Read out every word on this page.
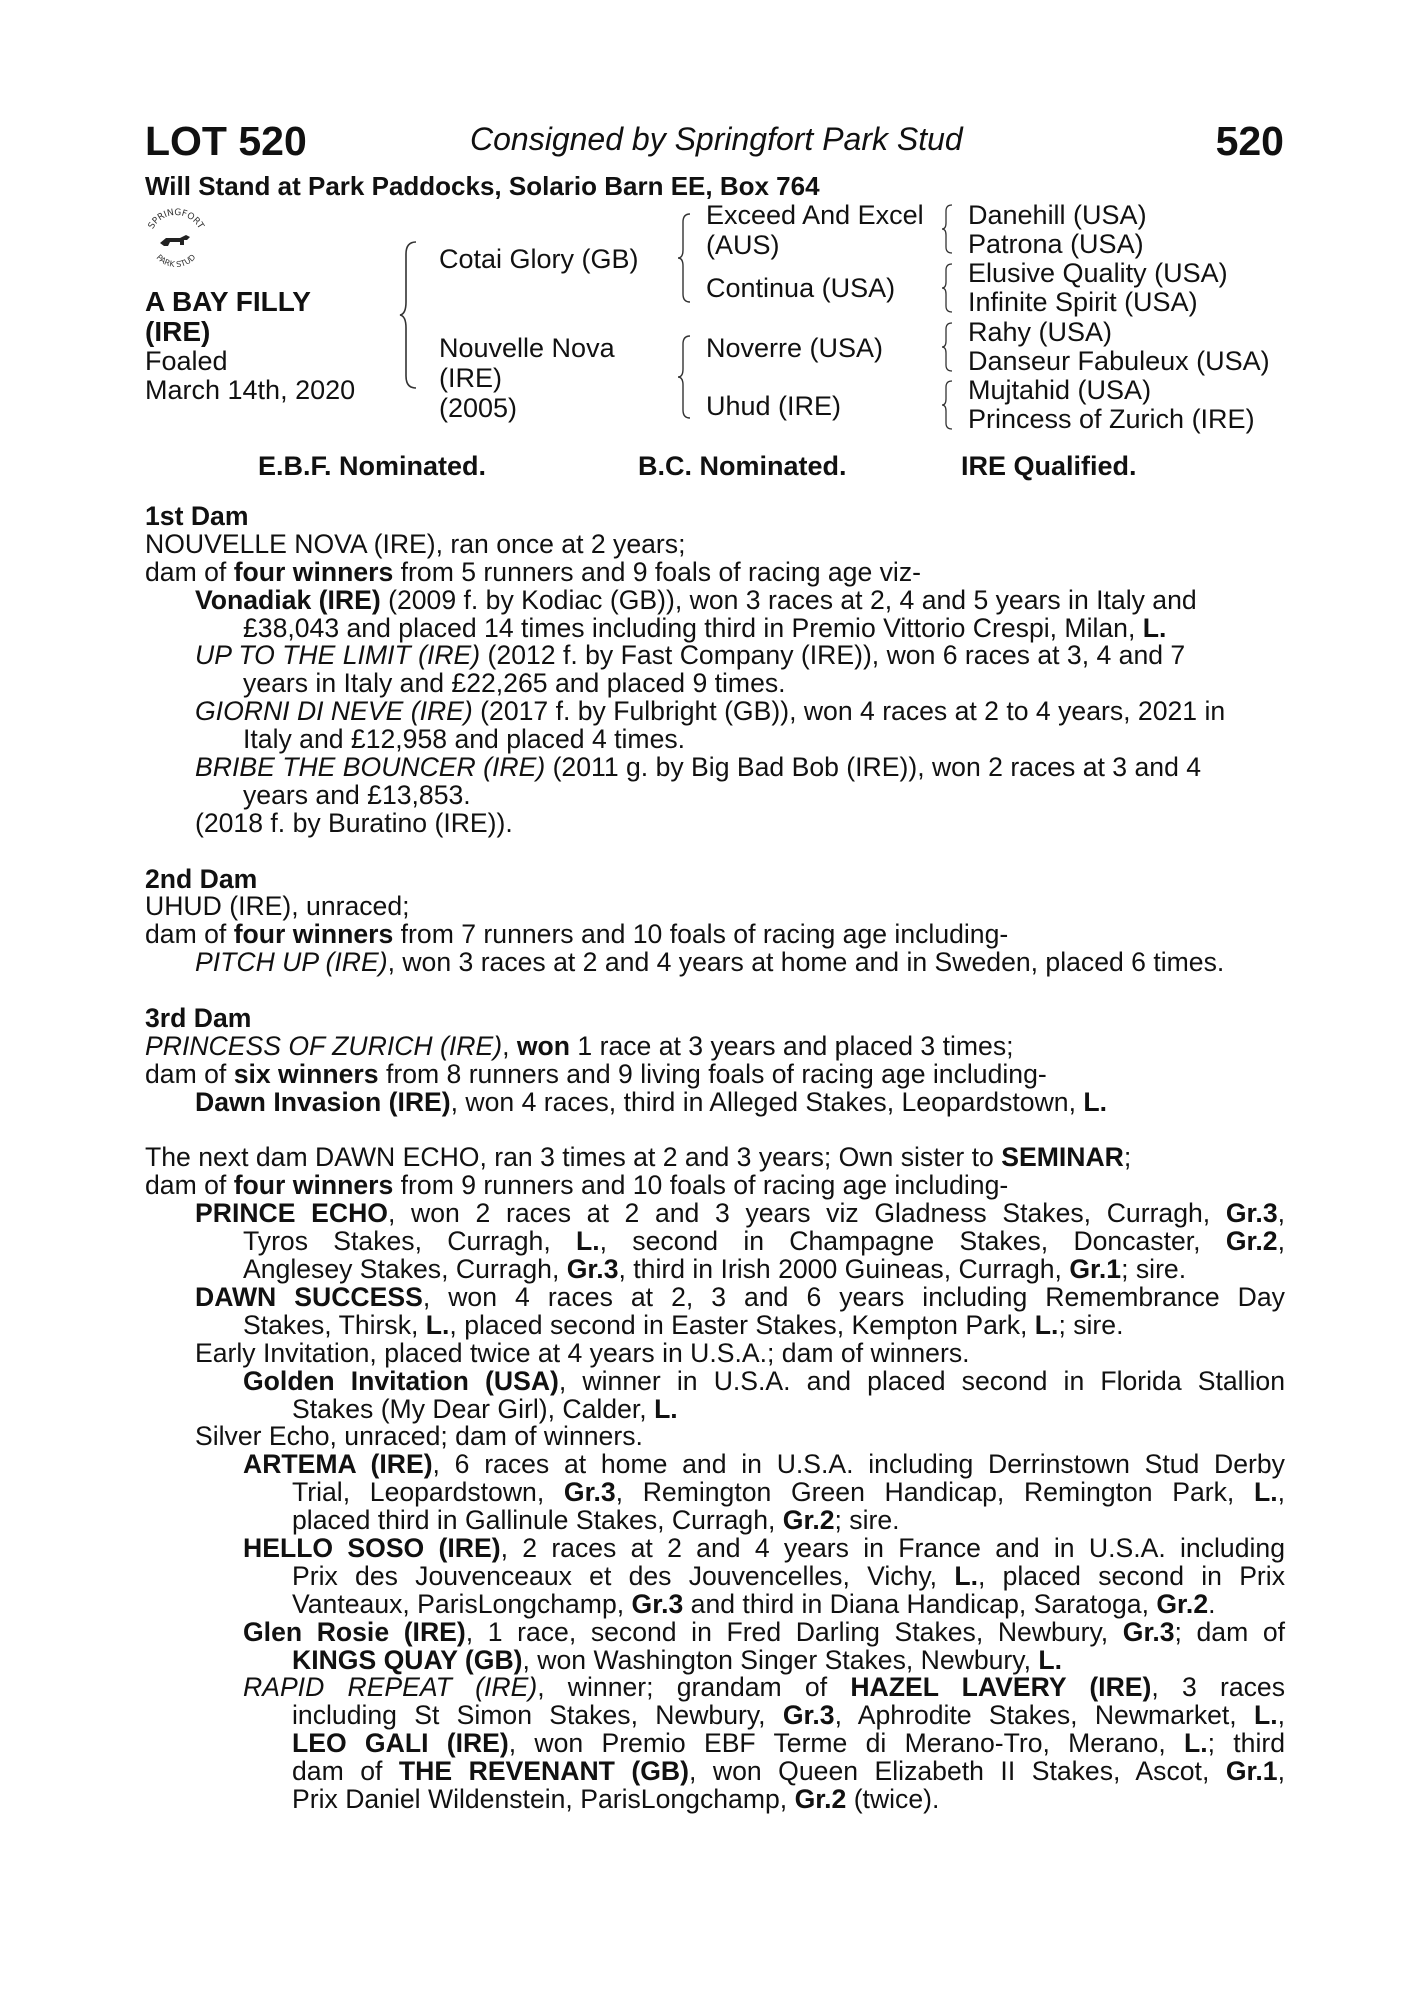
LOT 520	Consigned by Springfort Park Stud	520
Will Stand at Park Paddocks, Solario Barn EE, Box 764
SPRINGFORT
PARK STUD
A BAY FILLY (IRE)
Foaled
March 14th, 2020
Cotai Glory (GB)
Nouvelle Nova
(IRE)
(2005)
Exceed And Excel
(AUS)
Continua (USA)
Noverre (USA)
Uhud (IRE)
Danehill (USA)
Patrona (USA)
Elusive Quality (USA)
Infinite Spirit (USA)
Rahy (USA)
Danseur Fabuleux (USA)
Mujtahid (USA)
Princess of Zurich (IRE)
E.B.F. Nominated.	B.C. Nominated.	IRE Qualified.
1st Dam
NOUVELLE NOVA (IRE), ran once at 2 years;
dam of four winners from 5 runners and 9 foals of racing age viz-
Vonadiak (IRE) (2009 f. by Kodiac (GB)), won 3 races at 2, 4 and 5 years in Italy and
£38,043 and placed 14 times including third in Premio Vittorio Crespi, Milan, L.
UP TO THE LIMIT (IRE) (2012 f. by Fast Company (IRE)), won 6 races at 3, 4 and 7
years in Italy and £22,265 and placed 9 times.
GIORNI DI NEVE (IRE) (2017 f. by Fulbright (GB)), won 4 races at 2 to 4 years, 2021 in
Italy and £12,958 and placed 4 times.
BRIBE THE BOUNCER (IRE) (2011 g. by Big Bad Bob (IRE)), won 2 races at 3 and 4
years and £13,853.
(2018 f. by Buratino (IRE)).
2nd Dam
UHUD (IRE), unraced;
dam of four winners from 7 runners and 10 foals of racing age including-
PITCH UP (IRE), won 3 races at 2 and 4 years at home and in Sweden, placed 6 times.
3rd Dam
PRINCESS OF ZURICH (IRE), won 1 race at 3 years and placed 3 times;
dam of six winners from 8 runners and 9 living foals of racing age including-
Dawn Invasion (IRE), won 4 races, third in Alleged Stakes, Leopardstown, L.
The next dam DAWN ECHO, ran 3 times at 2 and 3 years; Own sister to SEMINAR;
dam of four winners from 9 runners and 10 foals of racing age including-
PRINCE ECHO, won 2 races at 2 and 3 years viz Gladness Stakes, Curragh, Gr.3,
Tyros Stakes, Curragh, L., second in Champagne Stakes, Doncaster, Gr.2,
Anglesey Stakes, Curragh, Gr.3, third in Irish 2000 Guineas, Curragh, Gr.1; sire.
DAWN SUCCESS, won 4 races at 2, 3 and 6 years including Remembrance Day
Stakes, Thirsk, L., placed second in Easter Stakes, Kempton Park, L.; sire.
Early Invitation, placed twice at 4 years in U.S.A.; dam of winners.
Golden Invitation (USA), winner in U.S.A. and placed second in Florida Stallion
Stakes (My Dear Girl), Calder, L.
Silver Echo, unraced; dam of winners.
ARTEMA (IRE), 6 races at home and in U.S.A. including Derrinstown Stud Derby
Trial, Leopardstown, Gr.3, Remington Green Handicap, Remington Park, L.,
placed third in Gallinule Stakes, Curragh, Gr.2; sire.
HELLO SOSO (IRE), 2 races at 2 and 4 years in France and in U.S.A. including
Prix des Jouvenceaux et des Jouvencelles, Vichy, L., placed second in Prix
Vanteaux, ParisLongchamp, Gr.3 and third in Diana Handicap, Saratoga, Gr.2.
Glen Rosie (IRE), 1 race, second in Fred Darling Stakes, Newbury, Gr.3; dam of
KINGS QUAY (GB), won Washington Singer Stakes, Newbury, L.
RAPID REPEAT (IRE), winner; grandam of HAZEL LAVERY (IRE), 3 races
including St Simon Stakes, Newbury, Gr.3, Aphrodite Stakes, Newmarket, L.,
LEO GALI (IRE), won Premio EBF Terme di Merano-Tro, Merano, L.; third
dam of THE REVENANT (GB), won Queen Elizabeth II Stakes, Ascot, Gr.1,
Prix Daniel Wildenstein, ParisLongchamp, Gr.2 (twice).
